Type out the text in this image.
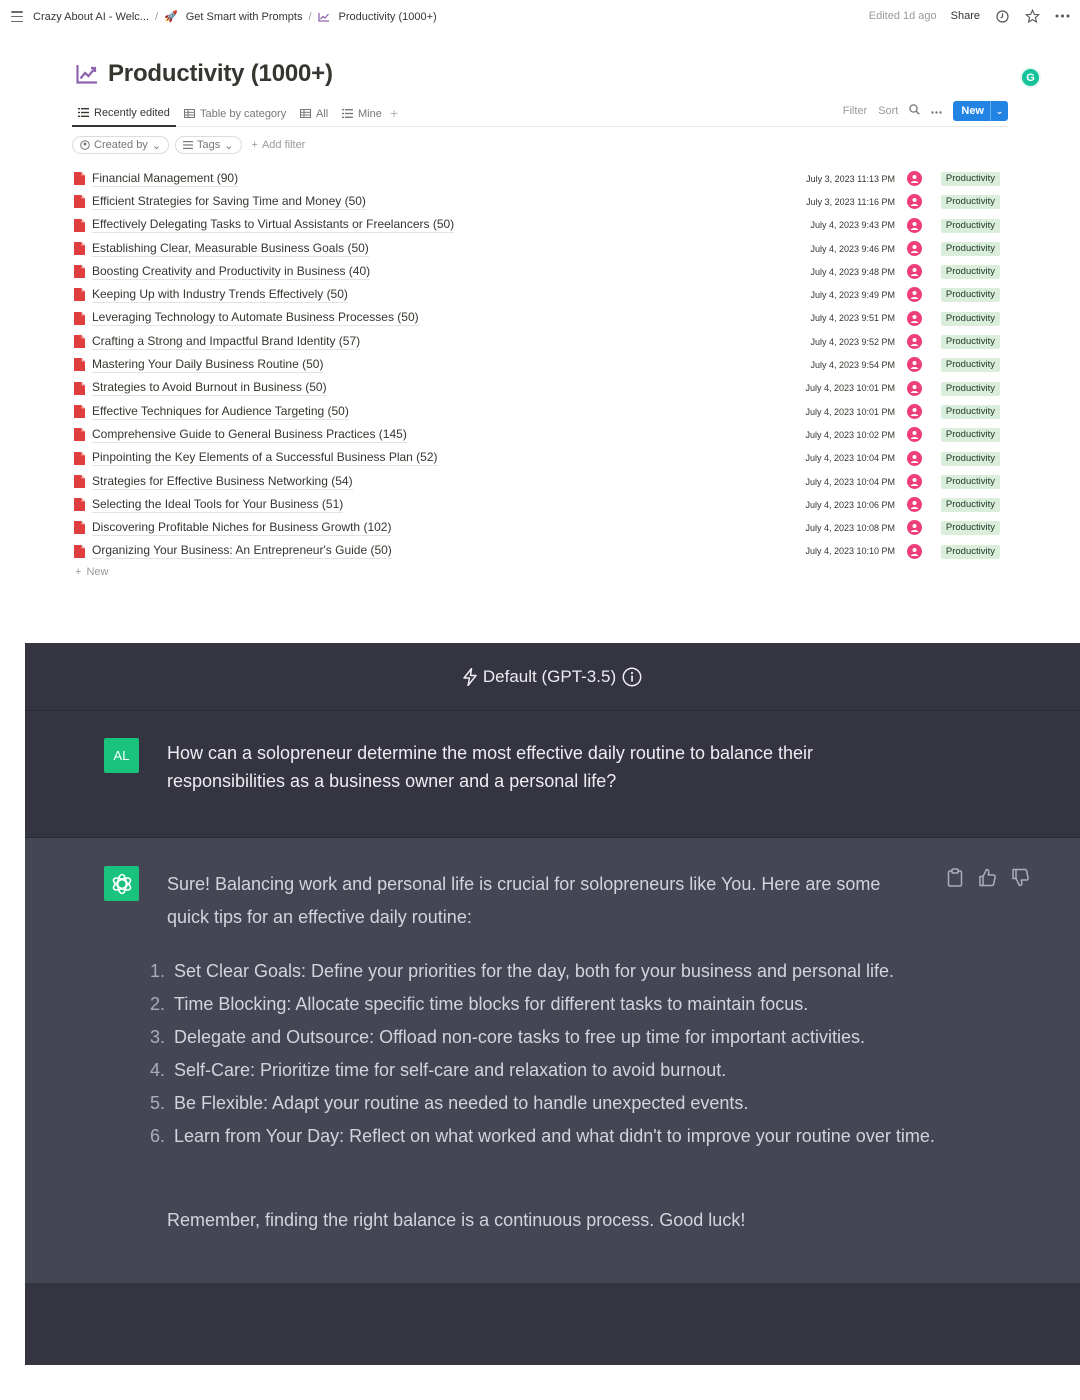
Crazy About AI - Welc... / 🚀 Get Smart with Prompts / Productivity (1000+)	Edited 1d ago Share
Productivity (1000+)	G
Recently edited	Table by category	All	Mine +	Filter Sort	New	⌄
Created by ⌄	Tags ⌄ + Add filter
Financial Management (90)	July 3, 2023 11:13 PM	Productivity
Efficient Strategies for Saving Time and Money (50)	July 3, 2023 11:16 PM	Productivity
Effectively Delegating Tasks to Virtual Assistants or Freelancers (50)	July 4, 2023 9:43 PM	Productivity
Establishing Clear, Measurable Business Goals (50)	July 4, 2023 9:46 PM	Productivity
Boosting Creativity and Productivity in Business (40)	July 4, 2023 9:48 PM	Productivity
Keeping Up with Industry Trends Effectively (50)	July 4, 2023 9:49 PM	Productivity
Leveraging Technology to Automate Business Processes (50)	July 4, 2023 9:51 PM	Productivity
Crafting a Strong and Impactful Brand Identity (57)	July 4, 2023 9:52 PM	Productivity
Mastering Your Daily Business Routine (50)	July 4, 2023 9:54 PM	Productivity
Strategies to Avoid Burnout in Business (50)	July 4, 2023 10:01 PM	Productivity
Effective Techniques for Audience Targeting (50)	July 4, 2023 10:01 PM	Productivity
Comprehensive Guide to General Business Practices (145)	July 4, 2023 10:02 PM	Productivity
Pinpointing the Key Elements of a Successful Business Plan (52)	July 4, 2023 10:04 PM	Productivity
Strategies for Effective Business Networking (54)	July 4, 2023 10:04 PM	Productivity
Selecting the Ideal Tools for Your Business (51)	July 4, 2023 10:06 PM	Productivity
Discovering Profitable Niches for Business Growth (102)	July 4, 2023 10:08 PM	Productivity
Organizing Your Business: An Entrepreneur's Guide (50)	July 4, 2023 10:10 PM	Productivity
+ New
Default (GPT-3.5)
AL	How can a solopreneur determine the most effective daily routine to balance their responsibilities as a business owner and a personal life?
Sure! Balancing work and personal life is crucial for solopreneurs like You. Here are some quick tips for an effective daily routine:
1. Set Clear Goals: Define your priorities for the day, both for your business and personal life.
2. Time Blocking: Allocate specific time blocks for different tasks to maintain focus.
3. Delegate and Outsource: Offload non-core tasks to free up time for important activities.
4. Self-Care: Prioritize time for self-care and relaxation to avoid burnout.
5. Be Flexible: Adapt your routine as needed to handle unexpected events.
6. Learn from Your Day: Reflect on what worked and what didn't to improve your routine over time.
Remember, finding the right balance is a continuous process. Good luck!
